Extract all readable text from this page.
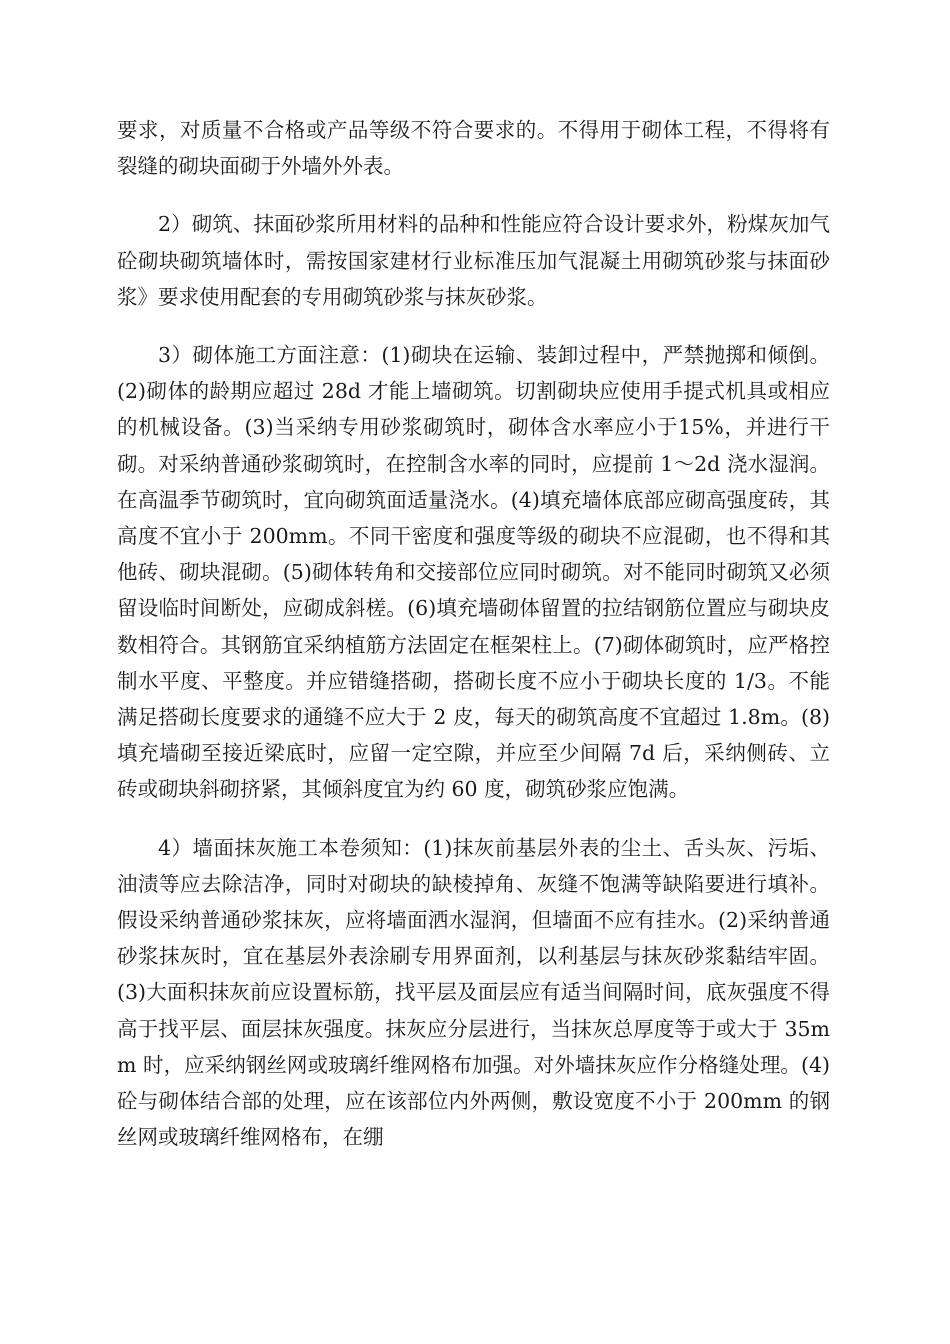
要求，对质量不合格或产品等级不符合要求的。不得用于砌体工程，不得将有裂缝的砌块面砌于外墙外外表。

2）砌筑、抹面砂浆所用材料的品种和性能应符合设计要求外，粉煤灰加气砼砌块砌筑墙体时，需按国家建材行业标准压加气混凝土用砌筑砂浆与抹面砂浆》要求使用配套的专用砌筑砂浆与抹灰砂浆。

3）砌体施工方面注意：(1)砌块在运输、装卸过程中，严禁抛掷和倾倒。(2)砌体的龄期应超过 28d 才能上墙砌筑。切割砌块应使用手提式机具或相应的机械设备。(3)当采纳专用砂浆砌筑时，砌体含水率应小于15%，并进行干砌。对采纳普通砂浆砌筑时，在控制含水率的同时，应提前 1～2d 浇水湿润。在高温季节砌筑时，宜向砌筑面适量浇水。(4)填充墙体底部应砌高强度砖，其高度不宜小于 200mm。不同干密度和强度等级的砌块不应混砌，也不得和其他砖、砌块混砌。(5)砌体转角和交接部位应同时砌筑。对不能同时砌筑又必须留设临时间断处，应砌成斜槎。(6)填充墙砌体留置的拉结钢筋位置应与砌块皮数相符合。其钢筋宜采纳植筋方法固定在框架柱上。(7)砌体砌筑时，应严格控制水平度、平整度。并应错缝搭砌，搭砌长度不应小于砌块长度的 1/3。不能满足搭砌长度要求的通缝不应大于 2 皮，每天的砌筑高度不宜超过 1.8m。(8)填充墙砌至接近梁底时，应留一定空隙，并应至少间隔 7d 后，采纳侧砖、立砖或砌块斜砌挤紧，其倾斜度宜为约 60 度，砌筑砂浆应饱满。

4）墙面抹灰施工本卷须知：(1)抹灰前基层外表的尘土、舌头灰、污垢、油渍等应去除洁净，同时对砌块的缺棱掉角、灰缝不饱满等缺陷要进行填补。假设采纳普通砂浆抹灰，应将墙面洒水湿润，但墙面不应有挂水。(2)采纳普通砂浆抹灰时，宜在基层外表涂刷专用界面剂，以利基层与抹灰砂浆黏结牢固。(3)大面积抹灰前应设置标筋，找平层及面层应有适当间隔时间，底灰强度不得高于找平层、面层抹灰强度。抹灰应分层进行，当抹灰总厚度等于或大于 35mm 时，应采纳钢丝网或玻璃纤维网格布加强。对外墙抹灰应作分格缝处理。(4)砼与砌体结合部的处理，应在该部位内外两侧，敷设宽度不小于 200mm 的钢丝网或玻璃纤维网格布，在绷
